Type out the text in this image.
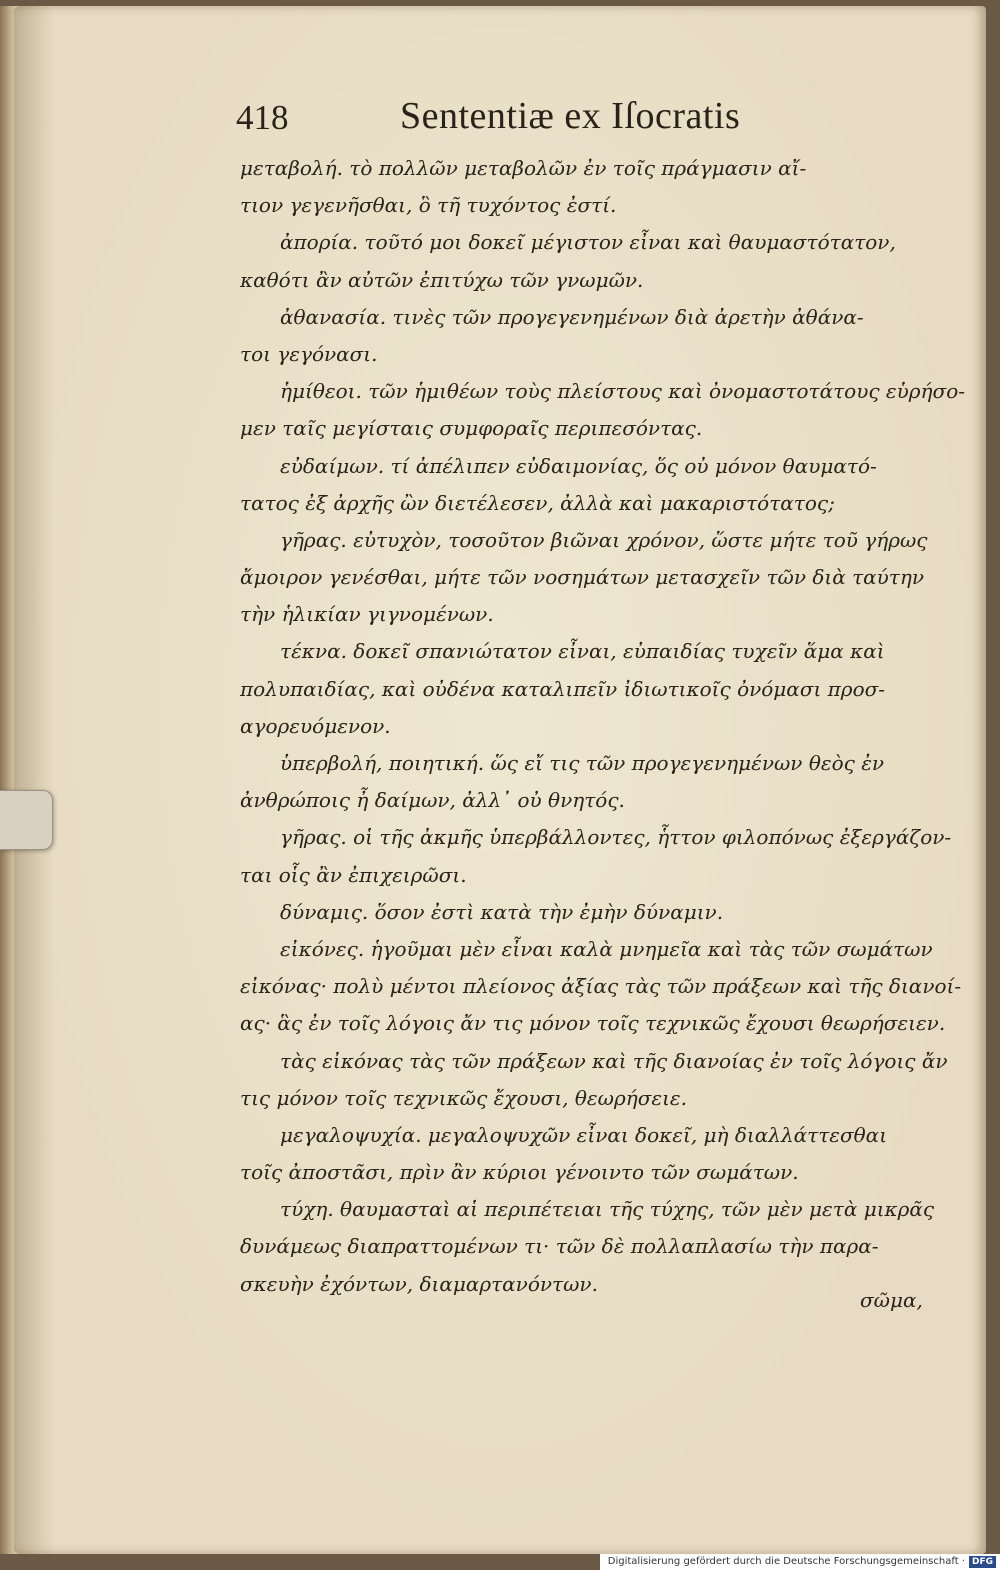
418	Sententiæ ex Iſocratis
μεταβολή. τὸ πολλῶν μεταβολῶν ἐν τοῖς πράγμασιν αἴ-
τιον γεγενῆσθαι, ὃ τῆ τυχόντος ἐστί.
ἀπορία. τοῦτό μοι δοκεῖ μέγιστον εἶναι καὶ θαυμαστότατον,
καθότι ἂν αὐτῶν ἐπιτύχω τῶν γνωμῶν.
ἀθανασία. τινὲς τῶν προγεγενημένων διὰ ἀρετὴν ἀθάνα-
τοι γεγόνασι.
ἡμίθεοι. τῶν ἡμιθέων τοὺς πλείστους καὶ ὀνομαστοτάτους εὑρήσο-
μεν ταῖς μεγίσταις συμφοραῖς περιπεσόντας.
εὐδαίμων. τί ἀπέλιπεν εὐδαιμονίας, ὅς οὐ μόνον θαυματό-
τατος ἐξ ἀρχῆς ὢν διετέλεσεν, ἀλλὰ καὶ μακαριστότατος;
γῆρας. εὐτυχὸν, τοσοῦτον βιῶναι χρόνον, ὥστε μήτε τοῦ γήρως
ἄμοιρον γενέσθαι, μήτε τῶν νοσημάτων μετασχεῖν τῶν διὰ ταύτην
τὴν ἡλικίαν γιγνομένων.
τέκνα. δοκεῖ σπανιώτατον εἶναι, εὐπαιδίας τυχεῖν ἅμα καὶ
πολυπαιδίας, καὶ οὐδένα καταλιπεῖν ἰδιωτικοῖς ὀνόμασι προσ-
αγορευόμενον.
ὑπερβολή, ποιητική. ὥς εἴ τις τῶν προγεγενημένων θεὸς ἐν
ἀνθρώποις ἦ δαίμων, ἀλλ᾽ οὐ θνητός.
γῆρας. οἱ τῆς ἀκμῆς ὑπερβάλλοντες, ἧττον φιλοπόνως ἐξεργάζον-
ται οἷς ἂν ἐπιχειρῶσι.
δύναμις. ὅσον ἐστὶ κατὰ τὴν ἐμὴν δύναμιν.
εἰκόνες. ἡγοῦμαι μὲν εἶναι καλὰ μνημεῖα καὶ τὰς τῶν σωμάτων
εἰκόνας· πολὺ μέντοι πλείονος ἀξίας τὰς τῶν πράξεων καὶ τῆς διανοί-
ας· ἃς ἐν τοῖς λόγοις ἄν τις μόνον τοῖς τεχνικῶς ἔχουσι θεωρήσειεν.
τὰς εἰκόνας τὰς τῶν πράξεων καὶ τῆς διανοίας ἐν τοῖς λόγοις ἄν
τις μόνον τοῖς τεχνικῶς ἔχουσι, θεωρήσειε.
μεγαλοψυχία. μεγαλοψυχῶν εἶναι δοκεῖ, μὴ διαλλάττεσθαι
τοῖς ἀποστᾶσι, πρὶν ἂν κύριοι γένοιντο τῶν σωμάτων.
τύχη. θαυμασταὶ αἱ περιπέτειαι τῆς τύχης, τῶν μὲν μετὰ μικρᾶς
δυνάμεως διαπραττομένων τι· τῶν δὲ πολλαπλασίω τὴν παρα-
σκευὴν ἐχόντων, διαμαρτανόντων.
σῶμα,
Digitalisierung gefördert durch die Deutsche Forschungsgemeinschaft · DFG
